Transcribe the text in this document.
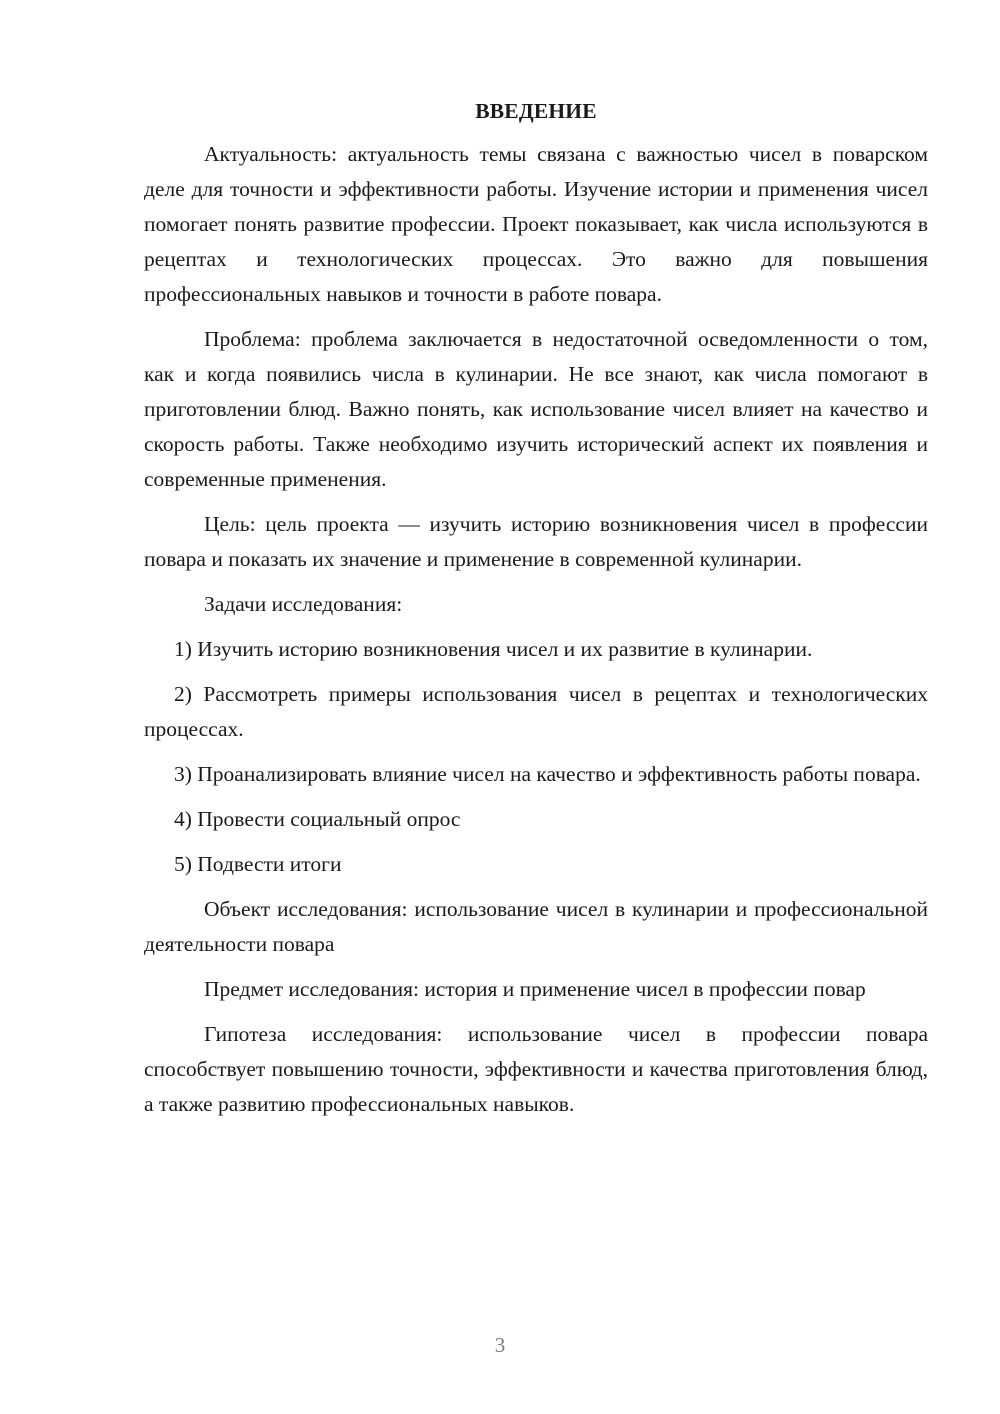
ВВЕДЕНИЕ

Актуальность: актуальность темы связана с важностью чисел в поварском деле для точности и эффективности работы. Изучение истории и применения чисел помогает понять развитие профессии. Проект показывает, как числа используются в рецептах и технологических процессах. Это важно для повышения профессиональных навыков и точности в работе повара.

Проблема: проблема заключается в недостаточной осведомленности о том, как и когда появились числа в кулинарии. Не все знают, как числа помогают в приготовлении блюд. Важно понять, как использование чисел влияет на качество и скорость работы. Также необходимо изучить исторический аспект их появления и современные применения.

Цель: цель проекта — изучить историю возникновения чисел в профессии повара и показать их значение и применение в современной кулинарии.

Задачи исследования:

1) Изучить историю возникновения чисел и их развитие в кулинарии.

2) Рассмотреть примеры использования чисел в рецептах и технологических процессах.

3) Проанализировать влияние чисел на качество и эффективность работы повара.

4) Провести социальный опрос

5) Подвести итоги

Объект исследования: использование чисел в кулинарии и профессиональной деятельности повара

Предмет исследования: история и применение чисел в профессии повар

Гипотеза исследования: использование чисел в профессии повара способствует повышению точности, эффективности и качества приготовления блюд, а также развитию профессиональных навыков.

3
